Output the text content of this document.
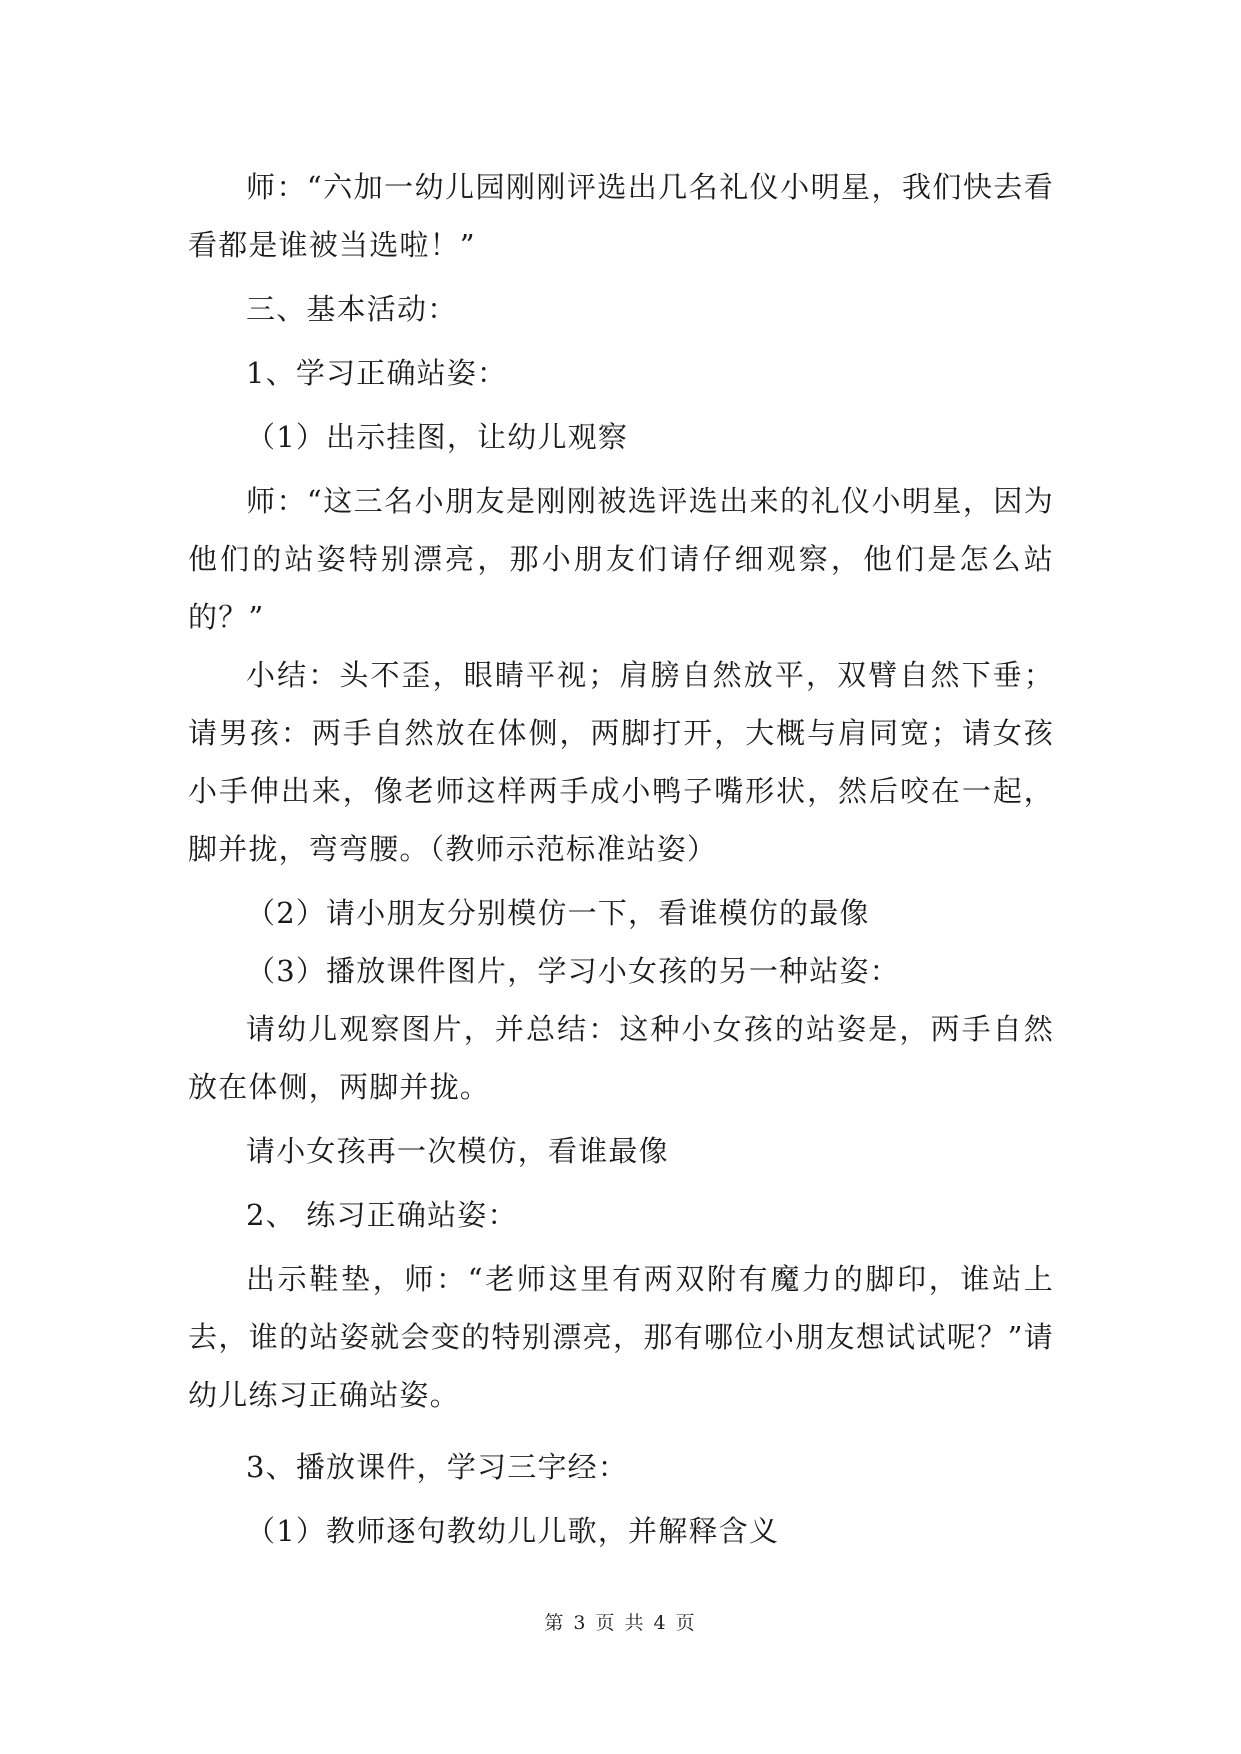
师：“六加一幼儿园刚刚评选出几名礼仪小明星，我们快去看看都是谁被当选啦！”

三、基本活动：

1、学习正确站姿：

（1）出示挂图，让幼儿观察

师：“这三名小朋友是刚刚被选评选出来的礼仪小明星，因为他们的站姿特别漂亮，那小朋友们请仔细观察，他们是怎么站的？”

小结：头不歪，眼睛平视；肩膀自然放平，双臂自然下垂；请男孩：两手自然放在体侧，两脚打开，大概与肩同宽；请女孩小手伸出来，像老师这样两手成小鸭子嘴形状，然后咬在一起，脚并拢，弯弯腰。（教师示范标准站姿）

（2）请小朋友分别模仿一下，看谁模仿的最像

（3）播放课件图片，学习小女孩的另一种站姿：

请幼儿观察图片，并总结：这种小女孩的站姿是，两手自然放在体侧，两脚并拢。

请小女孩再一次模仿，看谁最像

2、 练习正确站姿：

出示鞋垫，师：“老师这里有两双附有魔力的脚印，谁站上去，谁的站姿就会变的特别漂亮，那有哪位小朋友想试试呢？”请幼儿练习正确站姿。

3、播放课件，学习三字经：

（1）教师逐句教幼儿儿歌，并解释含义

第 3 页 共 4 页
